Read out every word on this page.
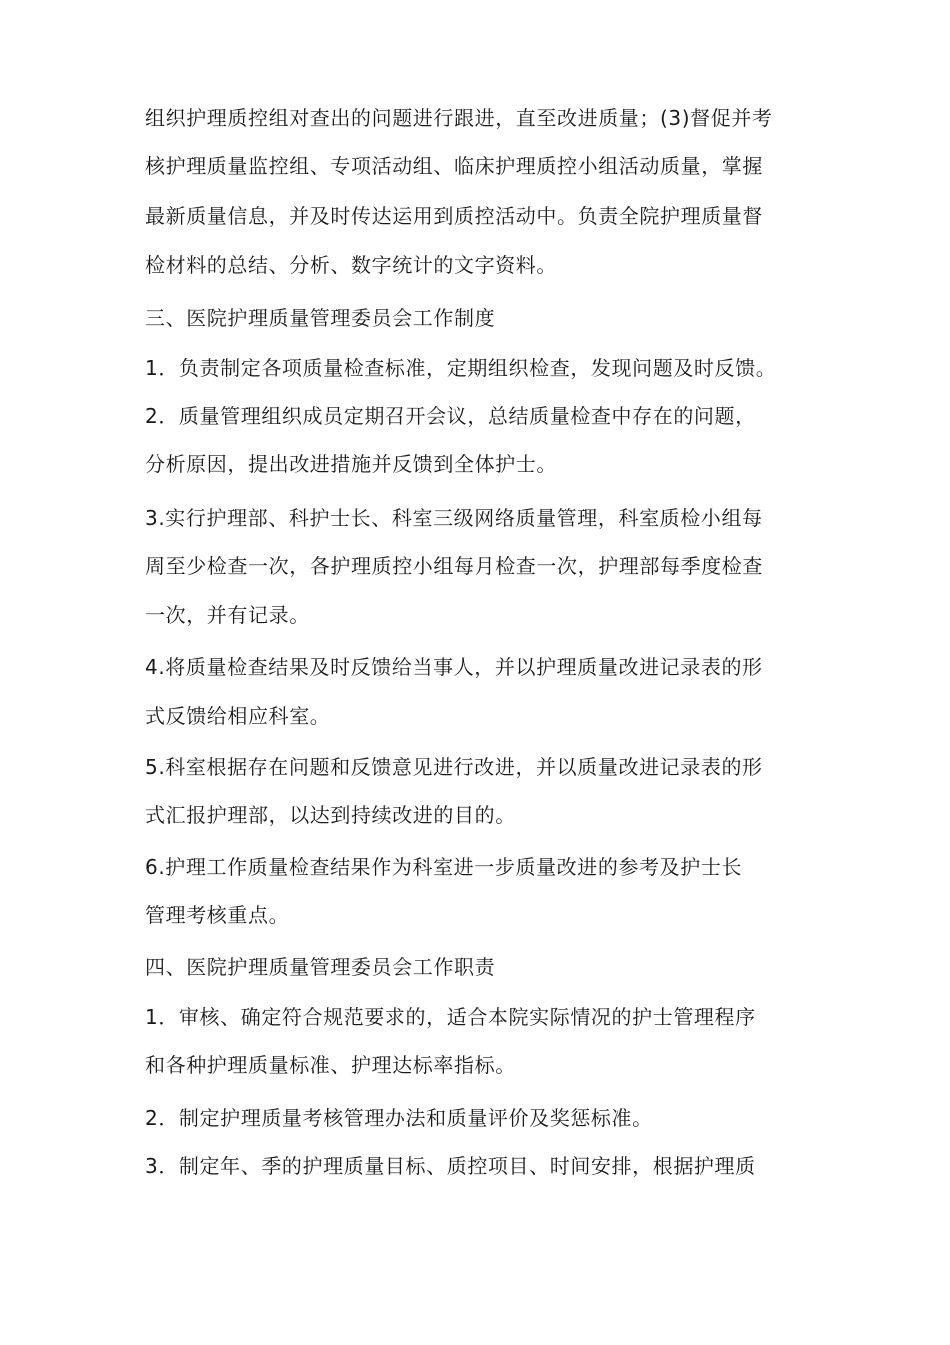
组织护理质控组对查出的问题进行跟进，直至改进质量；(3)督促并考
核护理质量监控组、专项活动组、临床护理质控小组活动质量，掌握
最新质量信息，并及时传达运用到质控活动中。负责全院护理质量督
检材料的总结、分析、数字统计的文字资料。
三、医院护理质量管理委员会工作制度
1．负责制定各项质量检查标准，定期组织检查，发现问题及时反馈。
2．质量管理组织成员定期召开会议，总结质量检查中存在的问题，
分析原因，提出改进措施并反馈到全体护士。
3.实行护理部、科护士长、科室三级网络质量管理，科室质检小组每
周至少检查一次，各护理质控小组每月检查一次，护理部每季度检查
一次，并有记录。
4.将质量检查结果及时反馈给当事人，并以护理质量改进记录表的形
式反馈给相应科室。
5.科室根据存在问题和反馈意见进行改进，并以质量改进记录表的形
式汇报护理部，以达到持续改进的目的。
6.护理工作质量检查结果作为科室进一步质量改进的参考及护士长
管理考核重点。
四、医院护理质量管理委员会工作职责
1．审核、确定符合规范要求的，适合本院实际情况的护士管理程序
和各种护理质量标准、护理达标率指标。
2．制定护理质量考核管理办法和质量评价及奖惩标准。
3．制定年、季的护理质量目标、质控项目、时间安排，根据护理质
